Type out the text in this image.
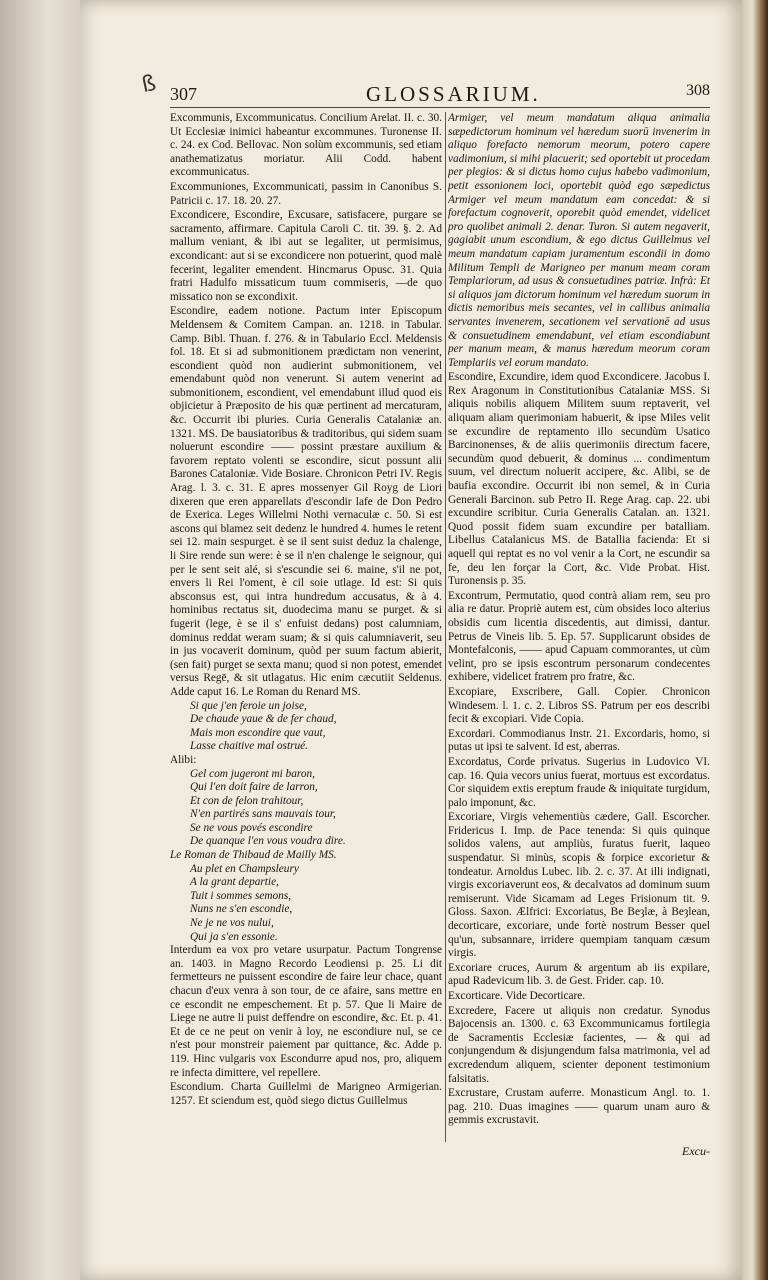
ß 307	GLOSSARIUM.	308

Excommunis, Excommunicatus. Concilium Arelat. II. c. 30. Ut Ecclesiæ inimici habeantur excommunes. Turonense II. c. 24. ex Cod. Bellovac. Non solùm excommunis, sed etiam anathematizatus moriatur. Alii Codd. habent excommunicatus.

Excommuniones, Excommunicati, passim in Canonibus S. Patricii c. 17. 18. 20. 27.

Excondicere, Escondire, Excusare, satisfacere, purgare se sacramento, affirmare. Capitula Caroli C. tit. 39. §. 2. Ad mallum veniant, & ibi aut se legaliter, ut permisimus, excondicant: aut si se excondicere non potuerint, quod malè fecerint, legaliter emendent. Hincmarus Opusc. 31. Quia fratri Hadulfo missaticum tuum commiseris, —de quo missatico non se excondixit.

Escondire, eadem notione. Pactum inter Episcopum Meldensem & Comitem Campan. an. 1218. in Tabular. Camp. Bibl. Thuan. f. 276. & in Tabulario Eccl. Meldensis fol. 18. Et si ad submonitionem prædictam non venerint, escondient quòd non audierint submonitionem, vel emendabunt quòd non venerunt. Si autem venerint ad submonitionem, escondient, vel emendabunt illud quod eis objicietur à Præposito de his quæ pertinent ad mercaturam, &c. Occurrit ibi pluries. Curia Generalis Catalaniæ an. 1321. MS. De bausiatoribus & traditoribus, qui sidem suam noluerunt escondire —— possint præstare auxilium & favorem reptato volenti se escondire, sicut possunt alii Barones Cataloniæ. Vide Bosiare. Chronicon Petri IV. Regis Arag. l. 3. c. 31. E apres mossenyer Gil Royg de Liori dixeren que eren apparellats d'escondir lafe de Don Pedro de Exerica. Leges Willelmi Nothi vernaculæ c. 50. Si est ascons qui blamez seit dedenz le hundred 4. humes le retent sei 12. main sespurget. è se il sent suist deduz la chalenge, li Sire rende sun were: è se il n'en chalenge le seignour, qui per le sent seit alé, si s'escundie sei 6. maine, s'il ne pot, envers li Rei l'oment, è cil soie utlage. Id est: Si quis absconsus est, qui intra hundredum accusatus, & à 4. hominibus rectatus sit, duodecima manu se purget. & si fugerit (lege, è se il s' enfuist dedans) post calumniam, dominus reddat weram suam; & si quis calumniaverit, seu in jus vocaverit dominum, quòd per suum factum abierit, (sen fait) purget se sexta manu; quod si non potest, emendet versus Regē, & sit utlagatus. Hic enim cæcutiit Seldenus. Adde caput 16. Le Roman du Renard MS.

Si que j'en feroie un joise,
De chaude yaue & de fer chaud,
Mais mon escondire que vaut,
Lasse chaitive mal ostrué.

Alibi:

Gel com jugeront mi baron,
Qui l'en doit faire de larron,
Et con de felon trahitour,
N'en partirés sans mauvais tour,
Se ne vous povés escondire
De quanque l'en vous voudra dire.

Le Roman de Thibaud de Mailly MS.

Au plet en Champsleury
A la grant departie,
Tuit i sommes semons,
Nuns ne s'en escondie,
Ne je ne vos nului,
Qui ja s'en essonie.

Interdum ea vox pro vetare usurpatur. Pactum Tongrense an. 1403. in Magno Recordo Leodiensi p. 25. Li dit fermetteurs ne puissent escondire de faire leur chace, quant chacun d'eux venra à son tour, de ce afaire, sans mettre en ce escondit ne empeschement. Et p. 57. Que li Maire de Liege ne autre li puist deffendre on escondire, &c. Et. p. 41. Et de ce ne peut on venir à loy, ne escondiure nul, se ce n'est pour monstreir paiement par quittance, &c. Adde p. 119. Hinc vulgaris vox Escondurre apud nos, pro, aliquem re infecta dimittere, vel repellere.

Escondium. Charta Guillelmi de Marigneo Armigerian. 1257. Et sciendum est, quòd siego dictus Guillelmus

Armiger, vel meum mandatum aliqua animalia sæpedictorum hominum vel hæredum suorū invenerim in aliquo forefacto nemorum meorum, potero capere vadimonium, si mihi placuerit; sed oportebit ut procedam per plegios: & si dictus homo cujus habebo vadimonium, petit essonionem loci, oportebit quòd ego sæpedictus Armiger vel meum mandatum eam concedat: & si forefactum cognoverit, oporebit quòd emendet, videlicet pro quolibet animali 2. denar. Turon. Si autem negaverit, gagiabit unum escondium, & ego dictus Guillelmus vel meum mandatum capiam juramentum escondii in domo Militum Templi de Marigneo per manum meam coram Templariorum, ad usus & consuetudines patriæ. Infrà: Et si aliquos jam dictorum hominum vel hæredum suorum in dictis nemoribus meis secantes, vel in callibus animalia servantes invenerem, secationem vel servationē ad usus & consuetudinem emendabunt, vel etiam escondiabunt per manum meam, & manus hæredum meorum coram Templariis vel eorum mandato.

Escondire, Excundire, idem quod Excondicere. Jacobus I. Rex Aragonum in Constitutionibus Catalaniæ MSS. Si aliquis nobilis aliquem Militem suum reptaverit, vel aliquam aliam querimoniam habuerit, & ipse Miles velit se excundire de reptamento illo secundùm Usatico Barcinonenses, & de aliis querimoniis directum facere, secundùm quod debuerit, & dominus ... condimentum suum, vel directum noluerit accipere, &c. Alibi, se de baufia excondire. Occurrit ibi non semel, & in Curia Generali Barcinon. sub Petro II. Rege Arag. cap. 22. ubi excundire scribitur. Curia Generalis Catalan. an. 1321. Quod possit fidem suam excundire per batalliam. Libellus Catalanicus MS. de Batallia facienda: Et si aquell qui reptat es no vol venir a la Cort, ne escundir sa fe, deu len forçar la Cort, &c. Vide Probat. Hist. Turonensis p. 35.

Excontrum, Permutatio, quod contrà aliam rem, seu pro alia re datur. Propriè autem est, cùm obsides loco alterius obsidis cum licentia discedentis, aut dimissi, dantur. Petrus de Vineis lib. 5. Ep. 57. Supplicarunt obsides de Montefalconis, —— apud Capuam commorantes, ut cùm velint, pro se ipsis escontrum personarum condecentes exhibere, videlicet fratrem pro fratre, &c.

Excopiare, Exscribere, Gall. Copier. Chronicon Windesem. l. 1. c. 2. Libros SS. Patrum per eos describi fecit & excopiari. Vide Copia.

Excordari. Commodianus Instr. 21. Excordaris, homo, si putas ut ipsi te salvent. Id est, aberras.

Excordatus, Corde privatus. Sugerius in Ludovico VI. cap. 16. Quia vecors unius fuerat, mortuus est excordatus. Cor siquidem extis ereptum fraude & iniquitate turgidum, palo imponunt, &c.

Excoriare, Virgis vehementiùs cædere, Gall. Escorcher. Fridericus I. Imp. de Pace tenenda: Si quis quinque solidos valens, aut ampliùs, furatus fuerit, laqueo suspendatur. Si minùs, scopis & forpice excorietur & tondeatur. Arnoldus Lubec. lib. 2. c. 37. At illi indignati, virgis excoriaverunt eos, & decalvatos ad dominum suum remiserunt. Vide Sicamam ad Leges Frisionum tit. 9. Gloss. Saxon. Ælfrici: Excoriatus, Be Beȝlæ, à Beȝlean, decorticare, excoriare, unde fortè nostrum Besser quel qu'un, subsannare, irridere quempiam tanquam cæsum virgis.

Excoriare cruces, Aurum & argentum ab iis expilare, apud Radevicum lib. 3. de Gest. Frider. cap. 10.

Excorticare. Vide Decorticare.

Excredere, Facere ut aliquis non credatur. Synodus Bajocensis an. 1300. c. 63 Excommunicamus fortilegia de Sacramentis Ecclesiæ facientes, — & qui ad conjungendum & disjungendum falsa matrimonia, vel ad excredendum aliquem, scienter deponent testimonium falsitatis.

Excrustare, Crustam auferre. Monasticum Angl. to. 1. pag. 210. Duas imagines —— quarum unam auro & gemmis excrustavit.

Excu-
